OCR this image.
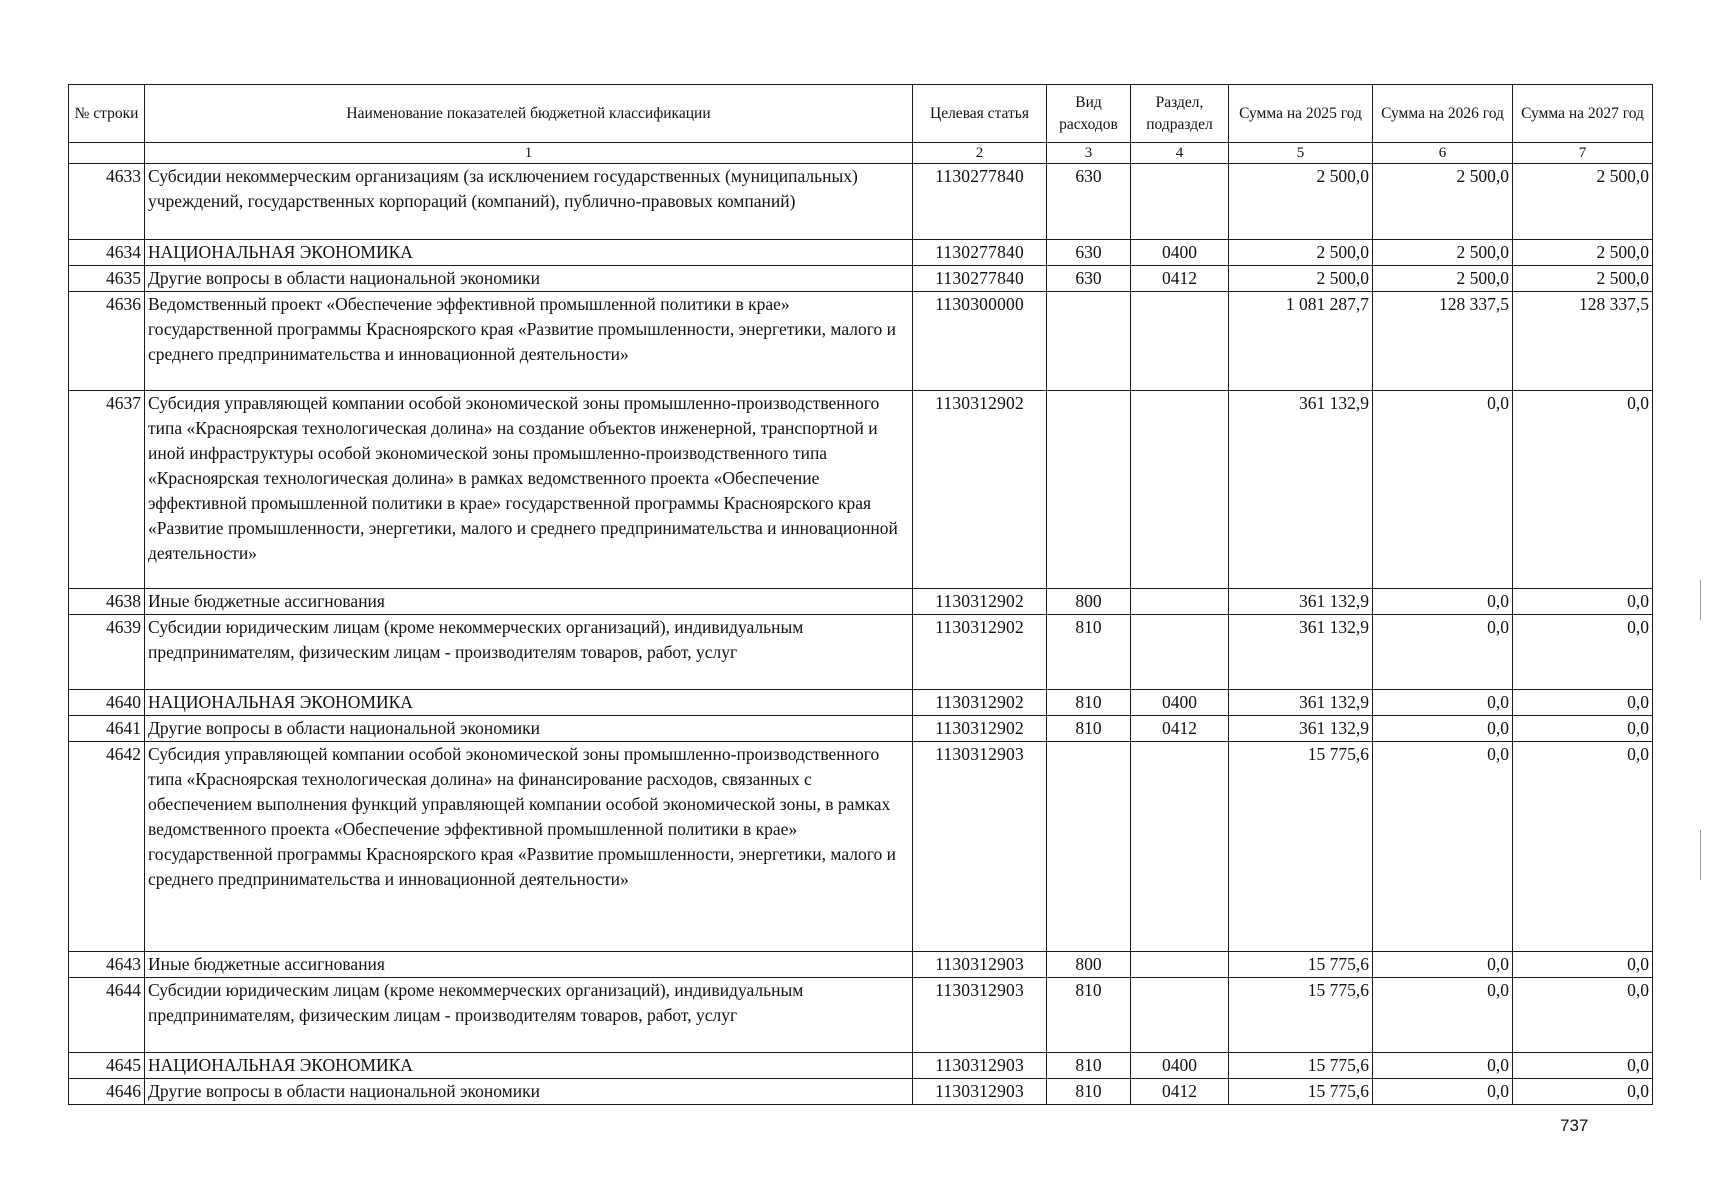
№ строки	Наименование показателей бюджетной классификации	Целевая статья	Вид расходов	Раздел, подраздел	Сумма на 2025 год	Сумма на 2026 год	Сумма на 2027 год
	1	2	3	4	5	6	7
4633	Субсидии некоммерческим организациям (за исключением государственных (муниципальных) учреждений, государственных корпораций (компаний), публично-правовых компаний)	1130277840	630		2 500,0	2 500,0	2 500,0
4634	НАЦИОНАЛЬНАЯ ЭКОНОМИКА	1130277840	630	0400	2 500,0	2 500,0	2 500,0
4635	Другие вопросы в области национальной экономики	1130277840	630	0412	2 500,0	2 500,0	2 500,0
4636	Ведомственный проект «Обеспечение эффективной промышленной политики в крае» государственной программы Красноярского края «Развитие промышленности, энергетики, малого и среднего предпринимательства и инновационной деятельности»	1130300000			1 081 287,7	128 337,5	128 337,5
4637	Субсидия управляющей компании особой экономической зоны промышленно-производственного типа «Красноярская технологическая долина» на создание объектов инженерной, транспортной и иной инфраструктуры особой экономической зоны промышленно-производственного типа «Красноярская технологическая долина» в рамках ведомственного проекта «Обеспечение эффективной промышленной политики в крае» государственной программы Красноярского края «Развитие промышленности, энергетики, малого и среднего предпринимательства и инновационной деятельности»	1130312902			361 132,9	0,0	0,0
4638	Иные бюджетные ассигнования	1130312902	800		361 132,9	0,0	0,0
4639	Субсидии юридическим лицам (кроме некоммерческих организаций), индивидуальным предпринимателям, физическим лицам - производителям товаров, работ, услуг	1130312902	810		361 132,9	0,0	0,0
4640	НАЦИОНАЛЬНАЯ ЭКОНОМИКА	1130312902	810	0400	361 132,9	0,0	0,0
4641	Другие вопросы в области национальной экономики	1130312902	810	0412	361 132,9	0,0	0,0
4642	Субсидия управляющей компании особой экономической зоны промышленно-производственного типа «Красноярская технологическая долина» на финансирование расходов, связанных с обеспечением выполнения функций управляющей компании особой экономической зоны, в рамках ведомственного проекта «Обеспечение эффективной промышленной политики в крае» государственной программы Красноярского края «Развитие промышленности, энергетики, малого и среднего предпринимательства и инновационной деятельности»	1130312903			15 775,6	0,0	0,0
4643	Иные бюджетные ассигнования	1130312903	800		15 775,6	0,0	0,0
4644	Субсидии юридическим лицам (кроме некоммерческих организаций), индивидуальным предпринимателям, физическим лицам - производителям товаров, работ, услуг	1130312903	810		15 775,6	0,0	0,0
4645	НАЦИОНАЛЬНАЯ ЭКОНОМИКА	1130312903	810	0400	15 775,6	0,0	0,0
4646	Другие вопросы в области национальной экономики	1130312903	810	0412	15 775,6	0,0	0,0
737
